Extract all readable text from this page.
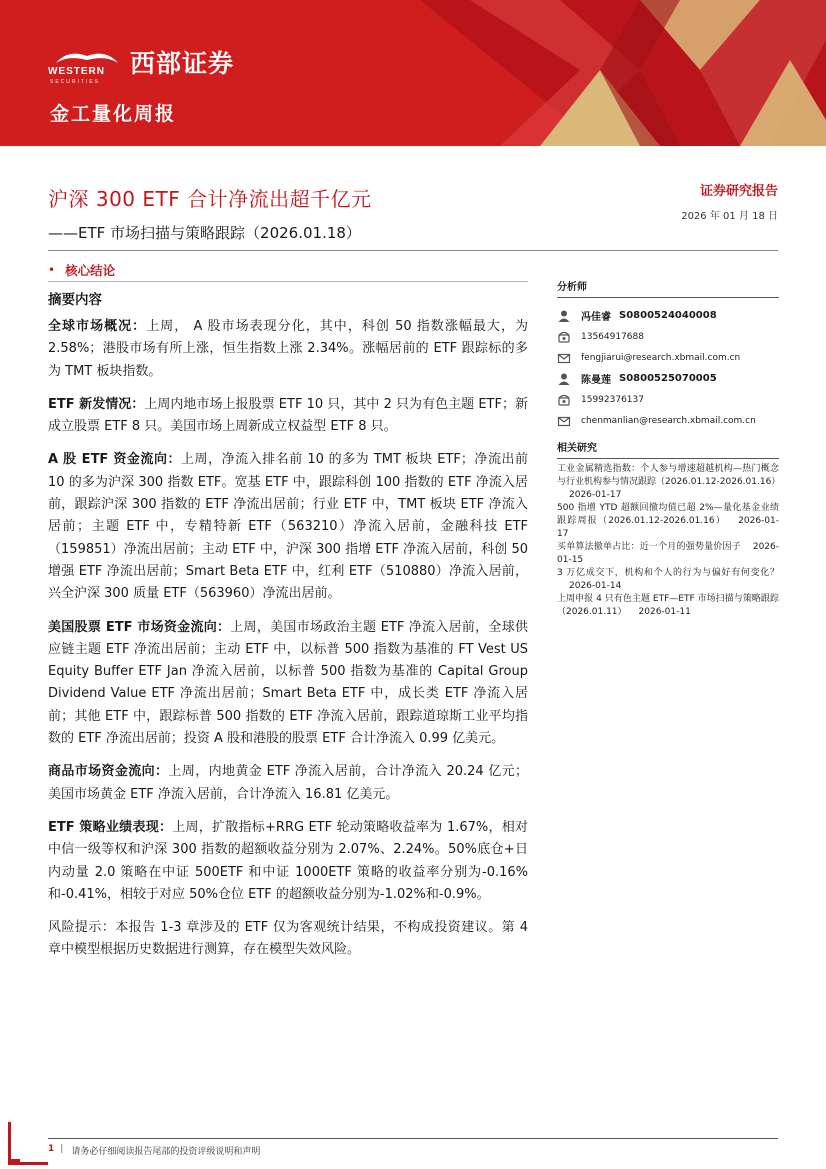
WESTERN
SECURITIES
西部证券
金工量化周报
沪深 300 ETF 合计净流出超千亿元
——ETF 市场扫描与策略跟踪（2026.01.18）
证券研究报告
2026 年 01 月 18 日
• 核心结论
摘要内容

全球市场概况：上周， A 股市场表现分化，其中，科创 50 指数涨幅最大，为 2.58%；港股市场有所上涨，恒生指数上涨 2.34%。涨幅居前的 ETF 跟踪标的多为 TMT 板块指数。

ETF 新发情况：上周内地市场上报股票 ETF 10 只，其中 2 只为有色主题 ETF；新成立股票 ETF 8 只。美国市场上周新成立权益型 ETF 8 只。

A 股 ETF 资金流向：上周，净流入排名前 10 的多为 TMT 板块 ETF；净流出前 10 的多为沪深 300 指数 ETF。宽基 ETF 中，跟踪科创 100 指数的 ETF 净流入居前，跟踪沪深 300 指数的 ETF 净流出居前；行业 ETF 中，TMT 板块 ETF 净流入居前；主题 ETF 中，专精特新 ETF（563210）净流入居前，金融科技 ETF（159851）净流出居前；主动 ETF 中，沪深 300 指增 ETF 净流入居前，科创 50 增强 ETF 净流出居前；Smart Beta ETF 中，红利 ETF（510880）净流入居前，兴全沪深 300 质量 ETF（563960）净流出居前。

美国股票 ETF 市场资金流向：上周，美国市场政治主题 ETF 净流入居前，全球供应链主题 ETF 净流出居前；主动 ETF 中，以标普 500 指数为基准的 FT Vest US Equity Buffer ETF Jan 净流入居前，以标普 500 指数为基准的 Capital Group Dividend Value ETF 净流出居前；Smart Beta ETF 中，成长类 ETF 净流入居前；其他 ETF 中，跟踪标普 500 指数的 ETF 净流入居前，跟踪道琼斯工业平均指数的 ETF 净流出居前；投资 A 股和港股的股票 ETF 合计净流入 0.99 亿美元。

商品市场资金流向：上周，内地黄金 ETF 净流入居前，合计净流入 20.24 亿元；美国市场黄金 ETF 净流入居前，合计净流入 16.81 亿美元。

ETF 策略业绩表现：上周，扩散指标+RRG ETF 轮动策略收益率为 1.67%，相对中信一级等权和沪深 300 指数的超额收益分别为 2.07%、2.24%。50%底仓+日内动量 2.0 策略在中证 500ETF 和中证 1000ETF 策略的收益率分别为-0.16%和-0.41%，相较于对应 50%仓位 ETF 的超额收益分别为-1.02%和-0.9%。

风险提示：本报告 1-3 章涉及的 ETF 仅为客观统计结果，不构成投资建议。第 4 章中模型根据历史数据进行测算，存在模型失效风险。

分析师
冯佳睿 S0800524040008
13564917688
fengjiarui@research.xbmail.com.cn
陈曼莲 S0800525070005
15992376137
chenmanlian@research.xbmail.com.cn
相关研究
工业金属精选指数：个人参与增速超越机构—热门概念与行业机构参与情况跟踪（2026.01.12-2026.01.16）2026-01-17
500 指增 YTD 超额回撤均值已超 2%—量化基金业绩跟踪周报（2026.01.12-2026.01.16） 2026-01-17
买单算法撤单占比：近一个月的强势量价因子 2026-01-15
3 万亿成交下，机构和个人的行为与偏好有何变化？2026-01-14
上周申报 4 只有色主题 ETF—ETF 市场扫描与策略跟踪（2026.01.11） 2026-01-11
1 | 请务必仔细阅读报告尾部的投资评级说明和声明
